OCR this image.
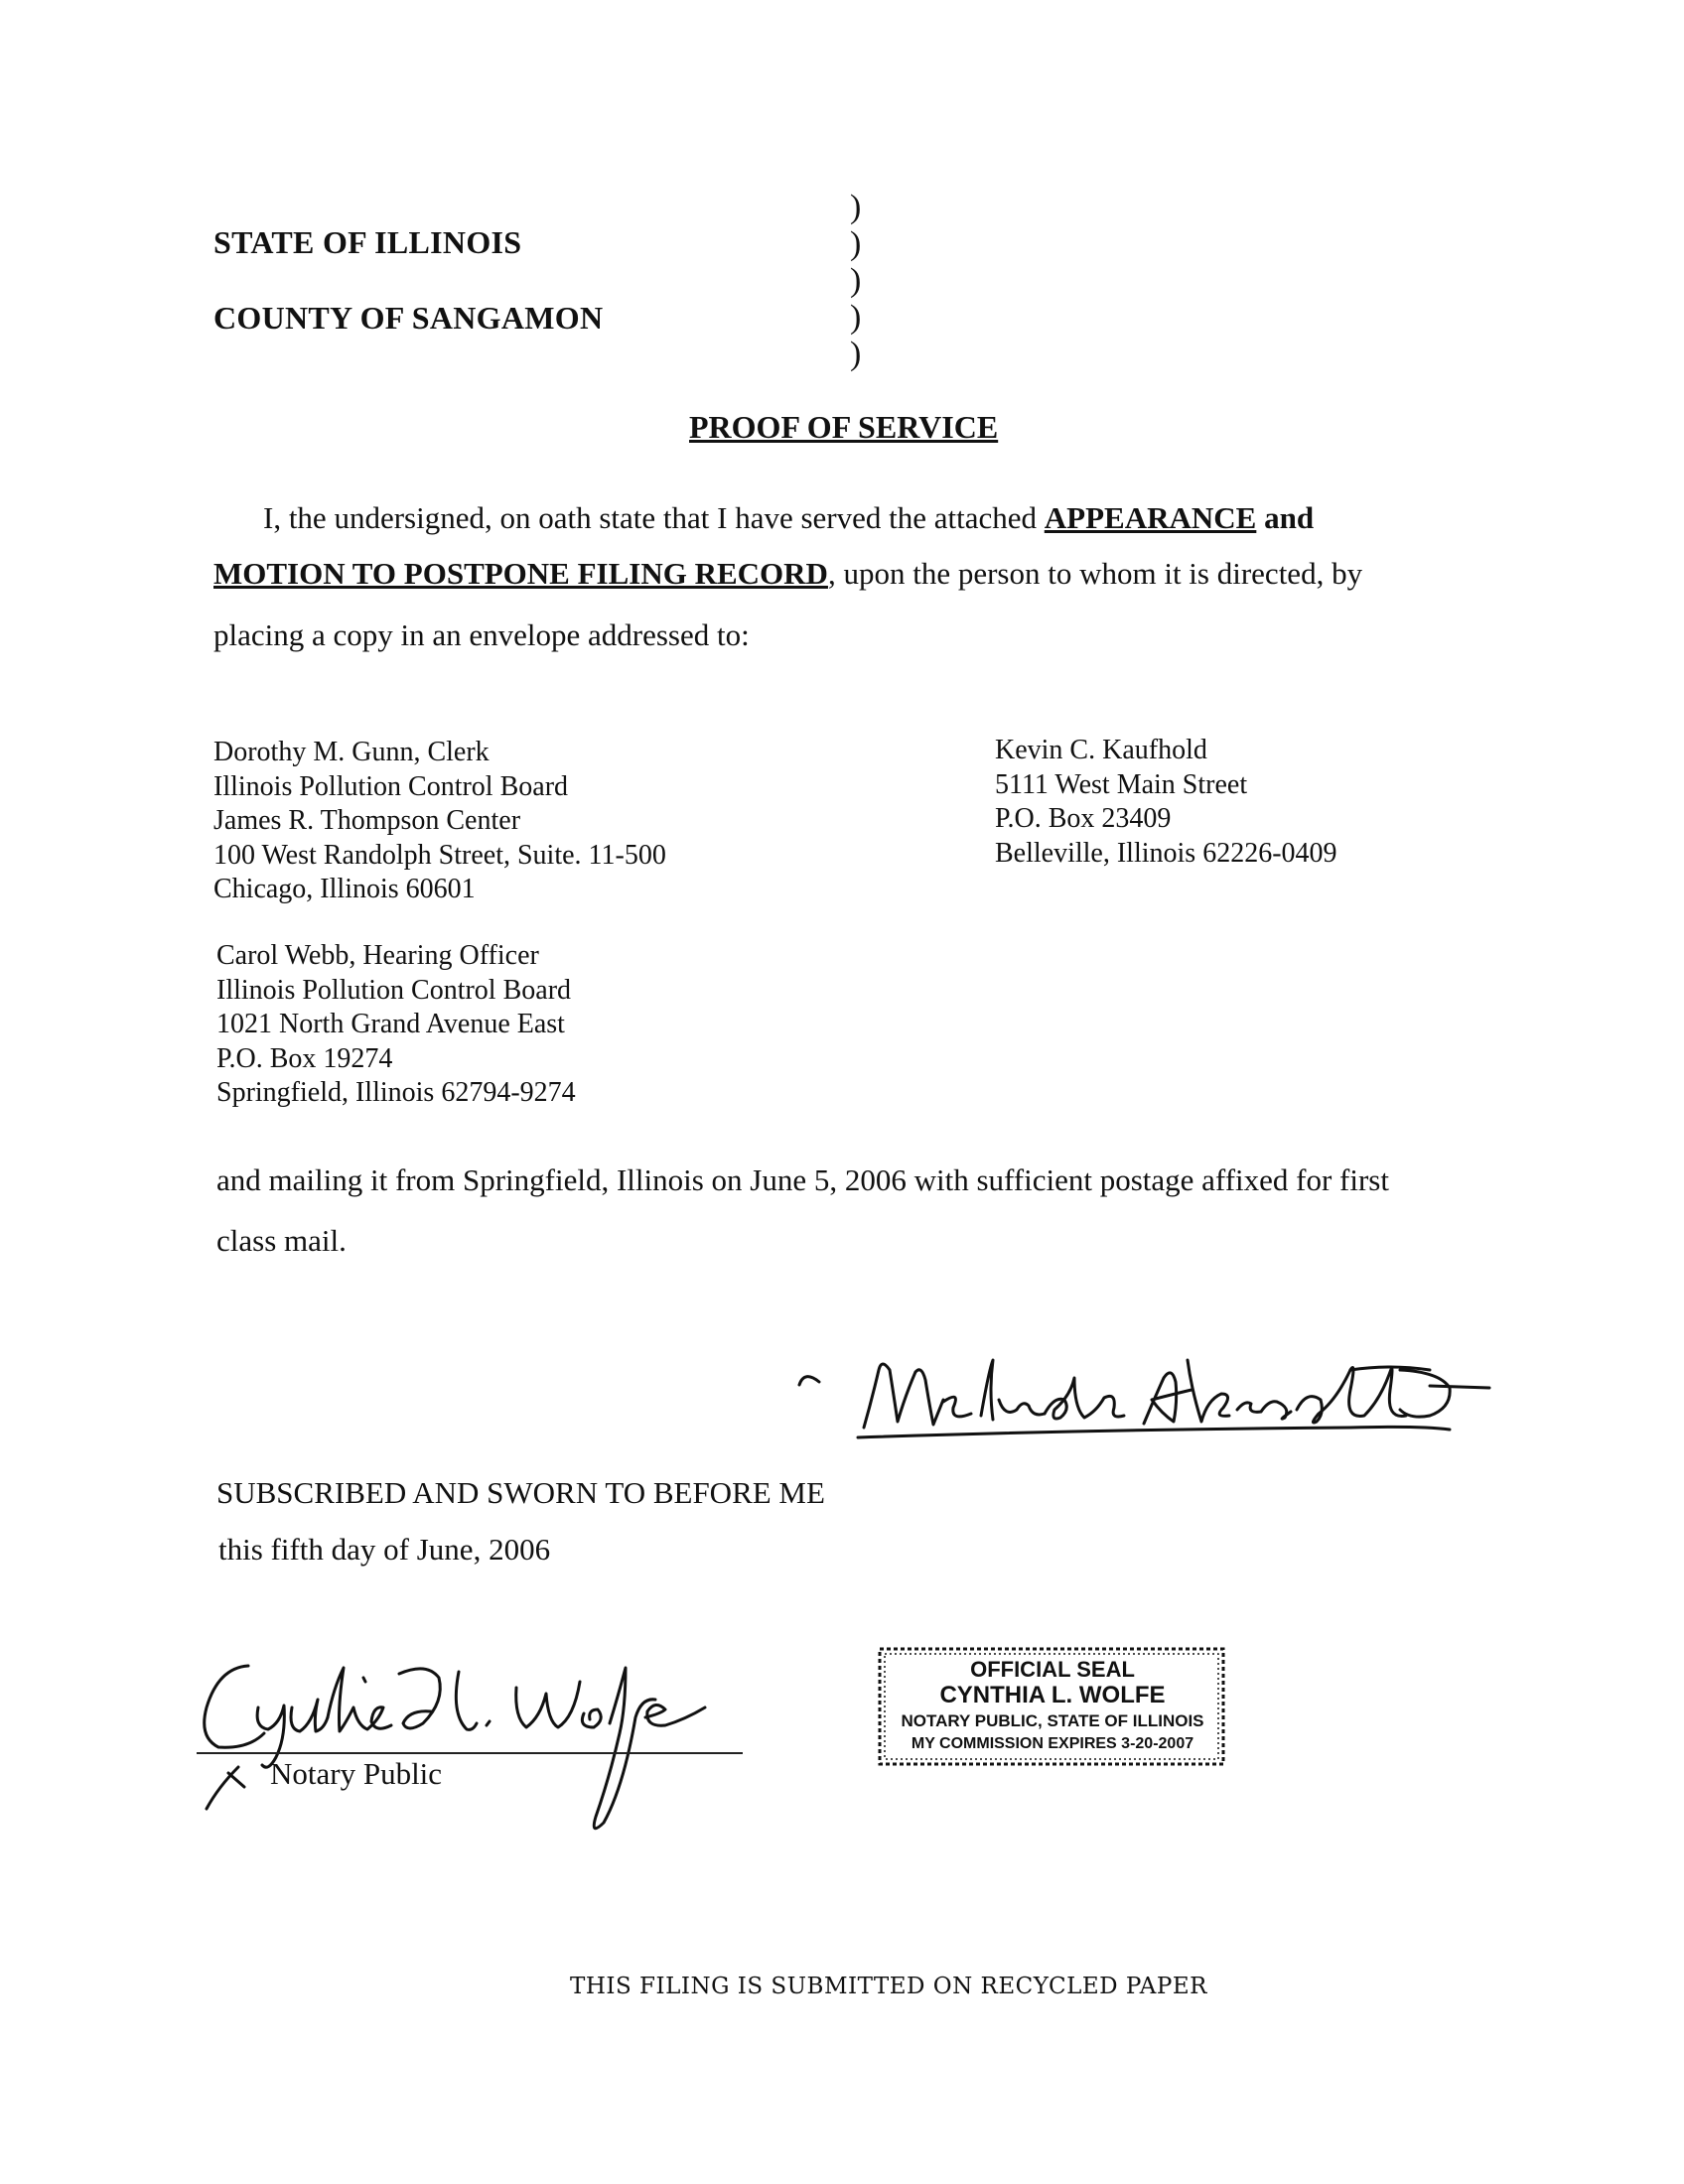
STATE OF ILLINOIS
COUNTY OF SANGAMON
)
)
)
)
)
PROOF OF SERVICE
I, the undersigned, on oath state that I have served the attached APPEARANCE and
MOTION TO POSTPONE FILING RECORD, upon the person to whom it is directed, by
placing a copy in an envelope addressed to:
Dorothy M. Gunn, Clerk
Illinois Pollution Control Board
James R. Thompson Center
100 West Randolph Street, Suite. 11-500
Chicago, Illinois 60601
Kevin C. Kaufhold
5111 West Main Street
P.O. Box 23409
Belleville, Illinois 62226-0409
Carol Webb, Hearing Officer
Illinois Pollution Control Board
1021 North Grand Avenue East
P.O. Box 19274
Springfield, Illinois 62794-9274
and mailing it from Springfield, Illinois on June 5, 2006 with sufficient postage affixed for first
class mail.
SUBSCRIBED AND SWORN TO BEFORE ME
this fifth day of June, 2006
Notary Public
OFFICIAL SEAL
CYNTHIA L. WOLFE
NOTARY PUBLIC, STATE OF ILLINOIS
MY COMMISSION EXPIRES 3-20-2007
THIS FILING IS SUBMITTED ON RECYCLED PAPER
